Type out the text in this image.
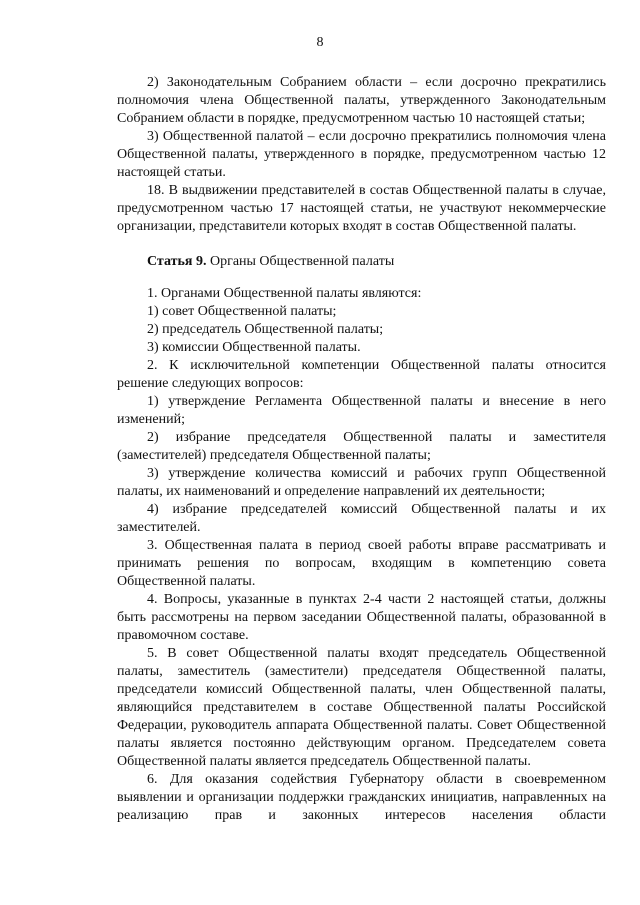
8

2) Законодательным Собранием области – если досрочно прекратились полномочия члена Общественной палаты, утвержденного Законодательным Собранием области в порядке, предусмотренном частью 10 настоящей статьи;

3) Общественной палатой – если досрочно прекратились полномочия члена Общественной палаты, утвержденного в порядке, предусмотренном частью 12 настоящей статьи.

18. В выдвижении представителей в состав Общественной палаты в случае, предусмотренном частью 17 настоящей статьи, не участвуют некоммерческие организации, представители которых входят в состав Общественной палаты.

Статья 9. Органы Общественной палаты

1. Органами Общественной палаты являются:

1) совет Общественной палаты;

2) председатель Общественной палаты;

3) комиссии Общественной палаты.

2. К исключительной компетенции Общественной палаты относится решение следующих вопросов:

1) утверждение Регламента Общественной палаты и внесение в него изменений;

2) избрание председателя Общественной палаты и заместителя (заместителей) председателя Общественной палаты;

3) утверждение количества комиссий и рабочих групп Общественной палаты, их наименований и определение направлений их деятельности;

4) избрание председателей комиссий Общественной палаты и их заместителей.

3. Общественная палата в период своей работы вправе рассматривать и принимать решения по вопросам, входящим в компетенцию совета Общественной палаты.

4. Вопросы, указанные в пунктах 2-4 части 2 настоящей статьи, должны быть рассмотрены на первом заседании Общественной палаты, образованной в правомочном составе.

5. В совет Общественной палаты входят председатель Общественной палаты, заместитель (заместители) председателя Общественной палаты, председатели комиссий Общественной палаты, член Общественной палаты, являющийся представителем в составе Общественной палаты Российской Федерации, руководитель аппарата Общественной палаты. Совет Общественной палаты является постоянно действующим органом. Председателем совета Общественной палаты является председатель Общественной палаты.

6. Для оказания содействия Губернатору области в своевременном выявлении и организации поддержки гражданских инициатив, направленных на реализацию прав и законных интересов населения области
